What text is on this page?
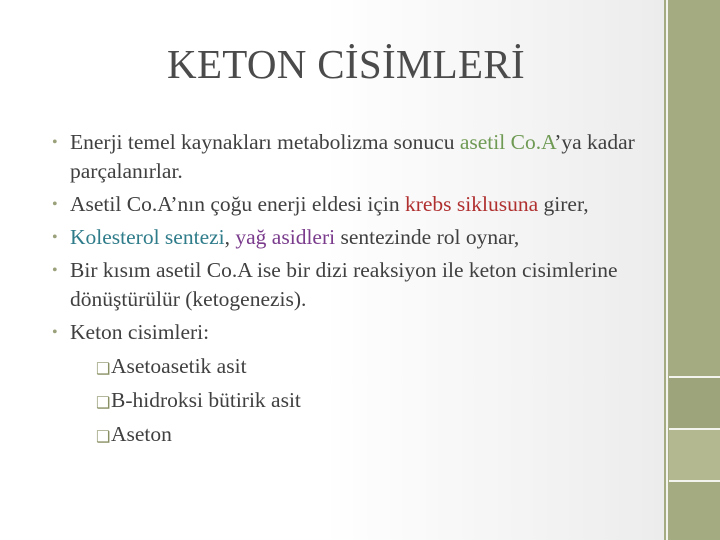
KETON CİSİMLERİ
• Enerji temel kaynakları metabolizma sonucu asetil Co.A’ya kadar parçalanırlar.
• Asetil Co.A’nın çoğu enerji eldesi için krebs siklusuna girer,
• Kolesterol sentezi, yağ asidleri sentezinde rol oynar,
• Bir kısım asetil Co.A ise bir dizi reaksiyon ile keton cisimlerine dönüştürülür (ketogenezis).
• Keton cisimleri:
❑Asetoasetik asit
❑B-hidroksi bütirik asit
❑Aseton
